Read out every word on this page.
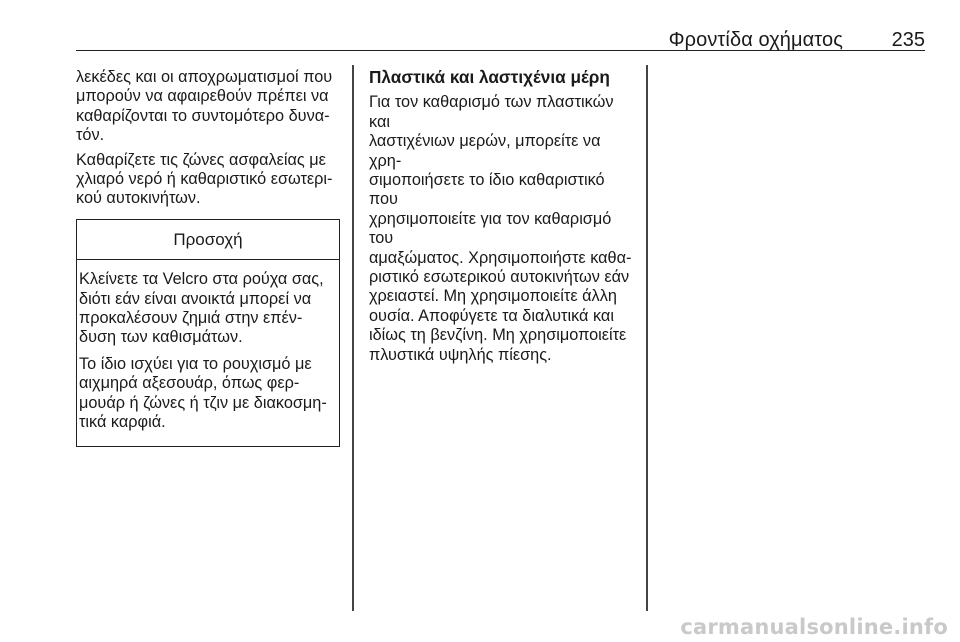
Φροντίδα οχήματος 235

λεκέδες και οι αποχρωματισμοί που
μπορούν να αφαιρεθούν πρέπει να
καθαρίζονται το συντομότερο δυνα-
τόν.

Καθαρίζετε τις ζώνες ασφαλείας με
χλιαρό νερό ή καθαριστικό εσωτερι-
κού αυτοκινήτων.

Προσοχή

Κλείνετε τα Velcro στα ρούχα σας,
διότι εάν είναι ανοικτά μπορεί να
προκαλέσουν ζημιά στην επέν-
δυση των καθισμάτων.

Το ίδιο ισχύει για το ρουχισμό με
αιχμηρά αξεσουάρ, όπως φερ-
μουάρ ή ζώνες ή τζιν με διακοσμη-
τικά καρφιά.

Πλαστικά και λαστιχένια μέρη

Για τον καθαρισμό των πλαστικών και
λαστιχένιων μερών, μπορείτε να χρη-
σιμοποιήσετε το ίδιο καθαριστικό που
χρησιμοποιείτε για τον καθαρισμό του
αμαξώματος. Χρησιμοποιήστε καθα-
ριστικό εσωτερικού αυτοκινήτων εάν
χρειαστεί. Μη χρησιμοποιείτε άλλη
ουσία. Αποφύγετε τα διαλυτικά και
ιδίως τη βενζίνη. Μη χρησιμοποιείτε
πλυστικά υψηλής πίεσης.

carmanualsonline.info
